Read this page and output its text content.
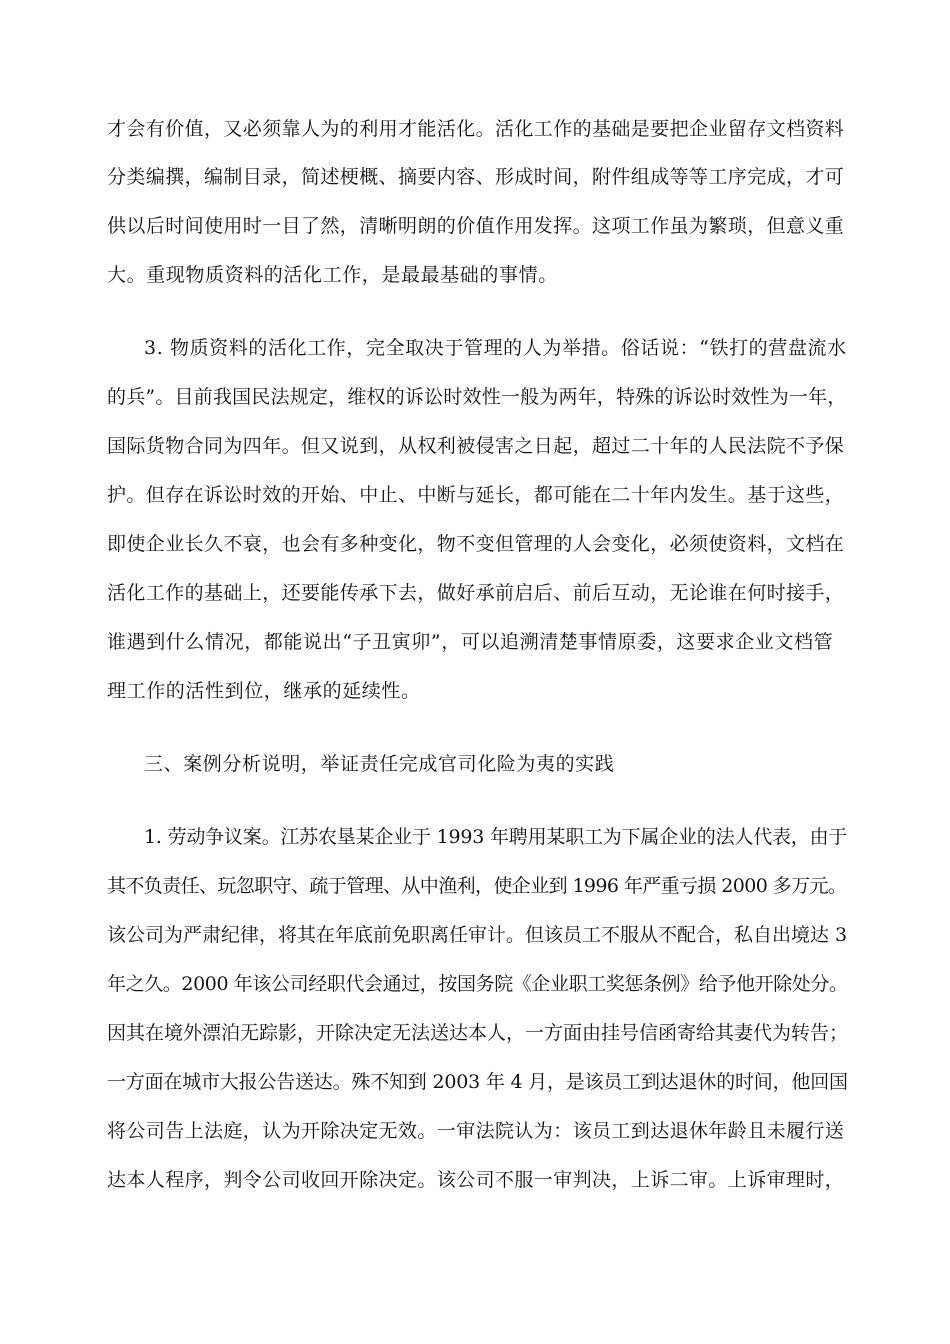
才会有价值，又必须靠人为的利用才能活化。活化工作的基础是要把企业留存文档资料
分类编撰，编制目录，简述梗概、摘要内容、形成时间，附件组成等等工序完成，才可
供以后时间使用时一目了然，清晰明朗的价值作用发挥。这项工作虽为繁琐，但意义重
大。重现物质资料的活化工作，是最最基础的事情。
3. 物质资料的活化工作，完全取决于管理的人为举措。俗话说：“铁打的营盘流水
的兵”。目前我国民法规定，维权的诉讼时效性一般为两年，特殊的诉讼时效性为一年，
国际货物合同为四年。但又说到，从权利被侵害之日起，超过二十年的人民法院不予保
护。但存在诉讼时效的开始、中止、中断与延长，都可能在二十年内发生。基于这些，
即使企业长久不衰，也会有多种变化，物不变但管理的人会变化，必须使资料，文档在
活化工作的基础上，还要能传承下去，做好承前启后、前后互动，无论谁在何时接手，
谁遇到什么情况，都能说出“子丑寅卯”，可以追溯清楚事情原委，这要求企业文档管
理工作的活性到位，继承的延续性。
三、案例分析说明，举证责任完成官司化险为夷的实践
1. 劳动争议案。江苏农垦某企业于 1993 年聘用某职工为下属企业的法人代表，由于
其不负责任、玩忽职守、疏于管理、从中渔利，使企业到 1996 年严重亏损 2000 多万元。
该公司为严肃纪律，将其在年底前免职离任审计。但该员工不服从不配合，私自出境达 3
年之久。2000 年该公司经职代会通过，按国务院《企业职工奖惩条例》给予他开除处分。
因其在境外漂泊无踪影，开除决定无法送达本人，一方面由挂号信函寄给其妻代为转告；
一方面在城市大报公告送达。殊不知到 2003 年 4 月，是该员工到达退休的时间，他回国
将公司告上法庭，认为开除决定无效。一审法院认为：该员工到达退休年龄且未履行送
达本人程序，判令公司收回开除决定。该公司不服一审判决，上诉二审。上诉审理时，
